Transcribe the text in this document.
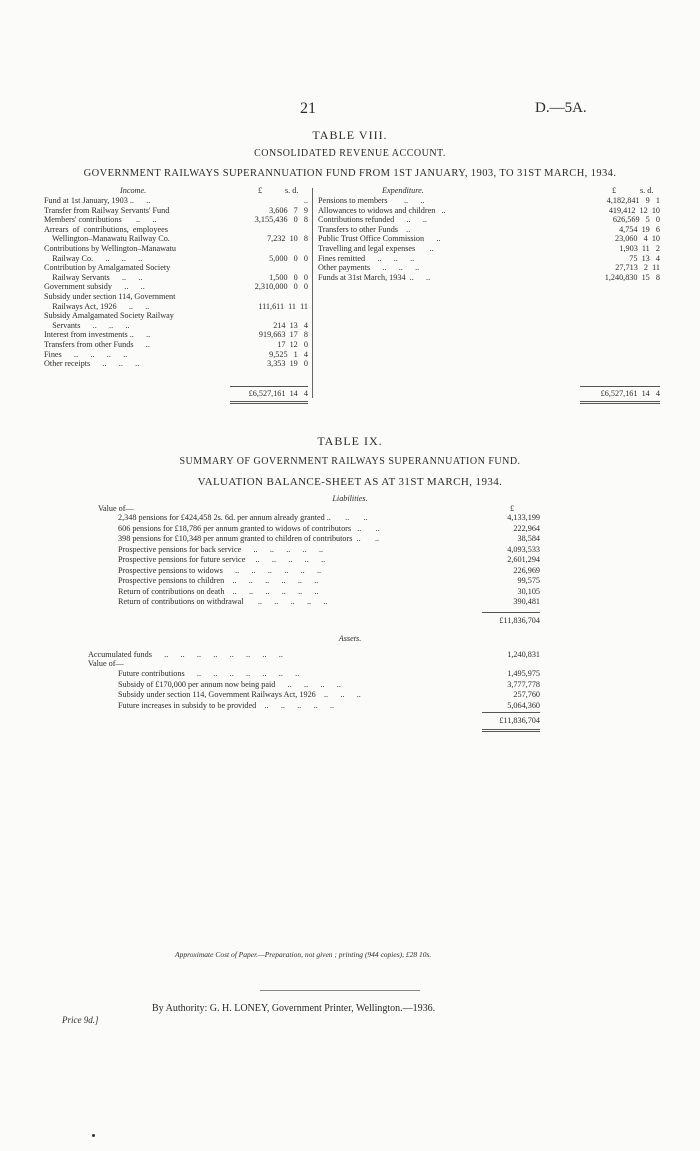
21	D.—5A.
TABLE VIII.
CONSOLIDATED REVENUE ACCOUNT.
GOVERNMENT RAILWAYS SUPERANNUATION FUND FROM 1ST JANUARY, 1903, TO 31ST MARCH, 1934.
Income.	£	s. d.	Expenditure.	£	s. d.
Fund at 1st January, 1903 ..      ..	..
Transfer from Railway Servants' Fund	3,606   7   9
Members' contributions       ..      ..	3,155,436   0   8
Arrears  of  contributions,  employees
Wellington–Manawatu Railway Co.	7,232  10   8
Contributions by Wellington–Manawatu
Railway Co.      ..      ..      ..	5,000   0   0
Contribution by Amalgamated Society
Railway Servants      ..      ..	1,500   0   0
Government subsidy      ..      ..	2,310,000   0   0
Subsidy under section 114, Government
Railways Act, 1926      ..      ..	111,611  11  11
Subsidy Amalgamated Society Railway
Servants      ..      ..      ..	214  13   4
Interest from investments ..      ..	919,663  17   8
Transfers from other Funds      ..	17  12   0
Fines      ..      ..      ..      ..	9,525   1   4
Other receipts      ..      ..      ..	3,353  19   0
Pensions to members        ..      ..	4,182,841   9   1
Allowances to widows and children   ..	419,412  12  10
Contributions refunded      ..      ..	626,569   5   0
Transfers to other Funds    ..	4,754  19   6
Public Trust Office Commission      ..	23,060   4  10
Travelling and legal expenses       ..	1,903  11   2
Fines remitted      ..      ..      ..	75  13   4
Other payments      ..      ..      ..	27,713   2  11
Funds at 31st March, 1934  ..      ..	1,240,830  15   8
£6,527,161  14   4	£6,527,161  14   4
TABLE IX.
SUMMARY OF GOVERNMENT RAILWAYS SUPERANNUATION FUND.
VALUATION BALANCE-SHEET AS AT 31ST MARCH, 1934.
Liabilities.
Value of—	£
2,348 pensions for £424,458 2s. 6d. per annum already granted ..       ..       ..	4,133,199
606 pensions for £18,786 per annum granted to widows of contributors   ..       ..	222,964
398 pensions for £10,348 per annum granted to children of contributors  ..       ..	38,584
Prospective pensions for back service      ..      ..      ..      ..      ..	4,093,533
Prospective pensions for future service     ..      ..      ..      ..      ..	2,601,294
Prospective pensions to widows      ..      ..      ..      ..      ..      ..	226,969
Prospective pensions to children    ..      ..      ..      ..      ..      ..	99,575
Return of contributions on death    ..      ..      ..      ..      ..      ..	30,105
Return of contributions on withdrawal       ..      ..      ..      ..      ..	390,481
£11,836,704
Assets.
Accumulated funds      ..      ..      ..      ..      ..      ..      ..      ..	1,240,831
Value of—
Future contributions      ..      ..      ..      ..      ..      ..      ..	1,495,975
Subsidy of £170,000 per annum now being paid      ..      ..      ..      ..	3,777,778
Subsidy under section 114, Government Railways Act, 1926    ..      ..      ..	257,760
Future increases in subsidy to be provided    ..      ..      ..      ..      ..	5,064,360
£11,836,704
Approximate Cost of Paper.—Preparation, not given ; printing (944 copies), £28 10s.
By Authority: G. H. LONEY, Government Printer, Wellington.—1936.
Price 9d.]
